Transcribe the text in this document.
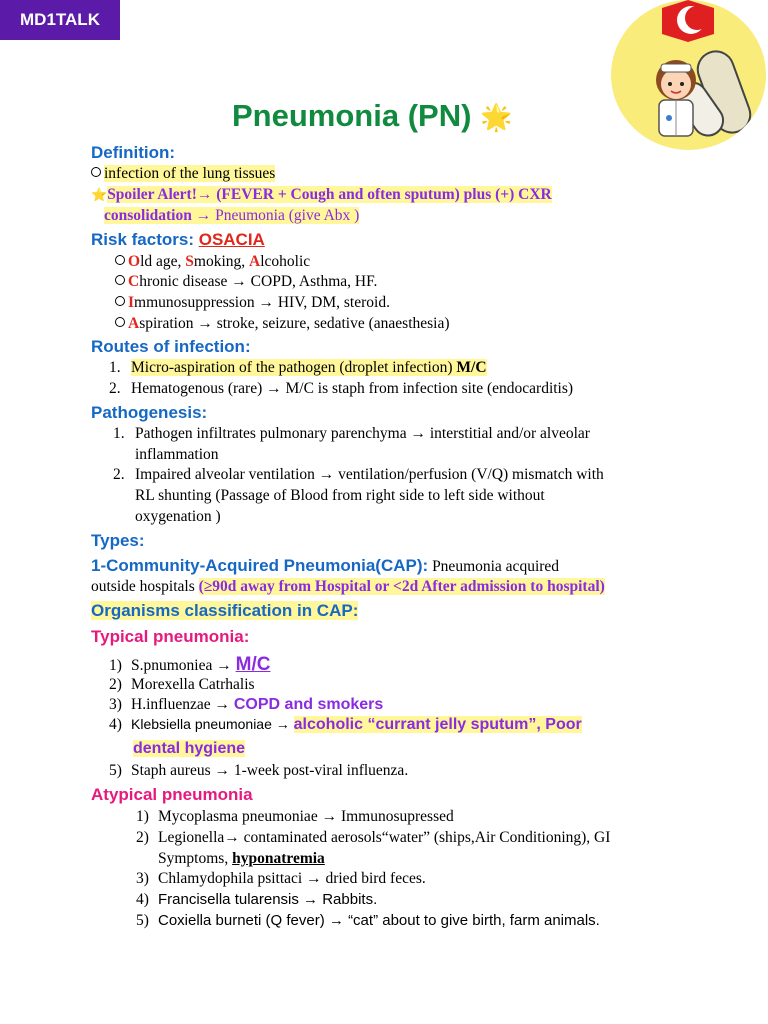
MD1TALK
Pneumonia (PN) 🌟
Definition:
infection of the lung tissues
⭐Spoiler Alert!→ (FEVER + Cough and often sputum) plus (+) CXR
consolidation → Pneumonia (give Abx )
Risk factors: OSACIA
Old age, Smoking, Alcoholic
Chronic disease → COPD, Asthma, HF.
Immunosuppression → HIV, DM, steroid.
Aspiration → stroke, seizure, sedative (anaesthesia)
Routes of infection:
1. Micro-aspiration of the pathogen (droplet infection) M/C
2. Hematogenous (rare) → M/C is staph from infection site (endocarditis)
Pathogenesis:
1. Pathogen infiltrates pulmonary parenchyma → interstitial and/or alveolar
inflammation
2. Impaired alveolar ventilation → ventilation/perfusion (V/Q) mismatch with
RL shunting (Passage of Blood from right side to left side without
oxygenation )
Types:
1-Community-Acquired Pneumonia(CAP): Pneumonia acquired
outside hospitals (≥90d away from Hospital or <2d After admission to hospital)
Organisms classification in CAP:
Typical pneumonia:
1) S.pnumoniea → M/C
2) Morexella Catrhalis
3) H.influenzae → COPD and smokers
4) Klebsiella pneumoniae → alcoholic “currant jelly sputum”, Poor
dental hygiene
5) Staph aureus → 1-week post-viral influenza.
Atypical pneumonia
1) Mycoplasma pneumoniae → Immunosupressed
2) Legionella→ contaminated aerosols“water” (ships,Air Conditioning), GI
Symptoms, hyponatremia
3) Chlamydophila psittaci → dried bird feces.
4) Francisella tularensis → Rabbits.
5) Coxiella burneti (Q fever) → “cat” about to give birth, farm animals.
